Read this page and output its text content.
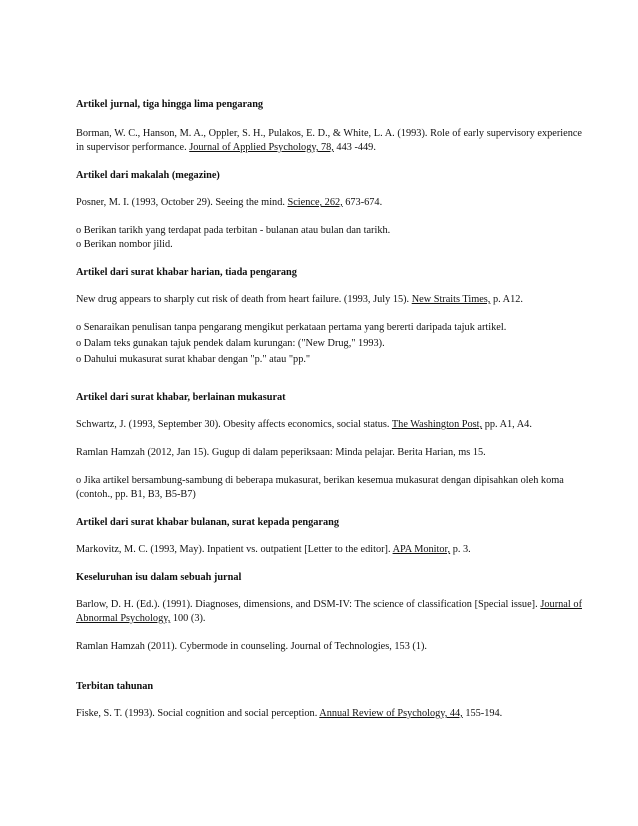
Artikel jurnal, tiga hingga lima pengarang

Borman, W. C., Hanson, M. A., Oppler, S. H., Pulakos, E. D., & White, L. A. (1993). Role of early supervisory experience in supervisor performance. Journal of Applied Psychology, 78, 443 -449.

Artikel dari makalah (megazine)

Posner, M. I. (1993, October 29). Seeing the mind. Science, 262, 673-674.

o Berikan tarikh yang terdapat pada terbitan - bulanan atau bulan dan tarikh.

o Berikan nombor jilid.

Artikel dari surat khabar harian, tiada pengarang

New drug appears to sharply cut risk of death from heart failure. (1993, July 15). New Straits Times, p. A12.

o Senaraikan penulisan tanpa pengarang mengikut perkataan pertama yang bererti daripada tajuk artikel.

o Dalam teks gunakan tajuk pendek dalam kurungan: ("New Drug," 1993).

o Dahului mukasurat surat khabar dengan "p." atau "pp."

Artikel dari surat khabar, berlainan mukasurat

Schwartz, J. (1993, September 30). Obesity affects economics, social status. The Washington Post, pp. A1, A4.

Ramlan Hamzah (2012, Jan 15). Gugup di dalam peperiksaan: Minda pelajar. Berita Harian, ms 15.

o Jika artikel bersambung-sambung di beberapa mukasurat, berikan kesemua mukasurat dengan dipisahkan oleh koma (contoh., pp. B1, B3, B5-B7)

Artikel dari surat khabar bulanan, surat kepada pengarang

Markovitz, M. C. (1993, May). Inpatient vs. outpatient [Letter to the editor]. APA Monitor, p. 3.

Keseluruhan isu dalam sebuah jurnal

Barlow, D. H. (Ed.). (1991). Diagnoses, dimensions, and DSM-IV: The science of classification [Special issue]. Journal of Abnormal Psychology, 100 (3).

Ramlan Hamzah (2011). Cybermode in counseling. Journal of Technologies, 153 (1).

Terbitan tahunan

Fiske, S. T. (1993). Social cognition and social perception. Annual Review of Psychology, 44, 155-194.
